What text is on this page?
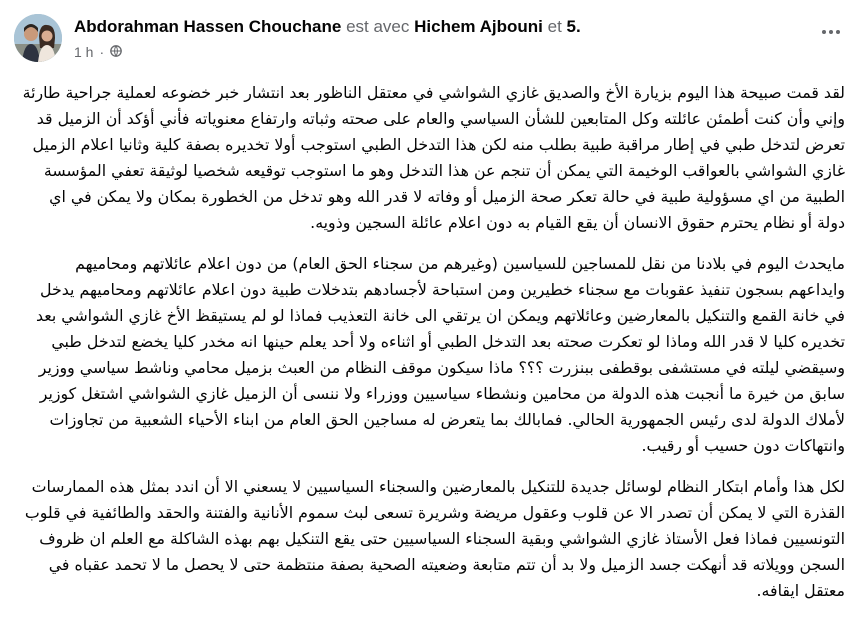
Abdorahman Hassen Chouchane est avec Hichem Ajbouni et 5.
1 h ·

لقد قمت صبيحة هذا اليوم بزيارة الأخ والصديق غازي الشواشي في معتقل الناظور بعد انتشار خبر خضوعه لعملية جراحية طارئة وإني وأن كنت أطمئن عائلته وكل المتابعين للشأن السياسي والعام على صحته وثباته وارتفاع معنوياته فأني أؤكد أن الزميل قد تعرض لتدخل طبي في إطار مراقبة طبية بطلب منه لكن هذا التدخل الطبي استوجب أولا تخديره بصفة كلية وثانيا اعلام الزميل غازي الشواشي بالعواقب الوخيمة التي يمكن أن تنجم عن هذا التدخل وهو ما استوجب توقيعه شخصيا لوثيقة تعفي المؤسسة الطبية من اي مسؤولية طبية في حالة تعكر صحة الزميل أو وفاته لا قدر الله وهو تدخل من الخطورة بمكان ولا يمكن في اي دولة أو نظام يحترم حقوق الانسان أن يقع القيام به دون اعلام عائلة السجين وذويه.

مايحدث اليوم في بلادنا من نقل للمساجين للسياسين (وغيرهم من سجناء الحق العام) من دون اعلام عائلاتهم ومحاميهم وايداعهم بسجون تنفيذ عقوبات مع سجناء خطيرين ومن استباحة لأجسادهم بتدخلات طبية دون اعلام عائلاتهم ومحاميهم يدخل في خانة القمع والتنكيل بالمعارضين وعائلاتهم ويمكن ان يرتقي الى خانة التعذيب فماذا لو لم يستيقظ الأخ غازي الشواشي بعد تخديره كليا لا قدر الله وماذا لو تعكرت صحته بعد التدخل الطبي أو اثناءه ولا أحد يعلم حينها انه مخدر كليا يخضع لتدخل طبي وسيقضي ليلته في مستشفى بوقطفى ببنزرت ؟؟؟ ماذا سيكون موقف النظام من العبث بزميل محامي وناشط سياسي ووزير سابق من خيرة ما أنجبت هذه الدولة من محامين ونشطاء سياسيين ووزراء ولا ننسى أن الزميل غازي الشواشي اشتغل كوزير لأملاك الدولة لدى رئيس الجمهورية الحالي. فمابالك بما يتعرض له مساجين الحق العام من ابناء الأحياء الشعبية من تجاوزات وانتهاكات دون حسيب أو رقيب.

لكل هذا وأمام ابتكار النظام لوسائل جديدة للتنكيل بالمعارضين والسجناء السياسيين لا يسعني الا أن اندد بمثل هذه الممارسات القذرة التي لا يمكن أن تصدر الا عن قلوب وعقول مريضة وشريرة تسعى لبث سموم الأنانية والفتنة والحقد والطائفية في قلوب التونسيين فماذا فعل الأستاذ غازي الشواشي وبقية السجناء السياسيين حتى يقع التنكيل بهم بهذه الشاكلة مع العلم ان ظروف السجن وويلاته قد أنهكت جسد الزميل ولا بد أن تتم متابعة وضعيته الصحية بصفة منتظمة حتى لا يحصل ما لا تحمد عقباه في معتقل ايقافه.
